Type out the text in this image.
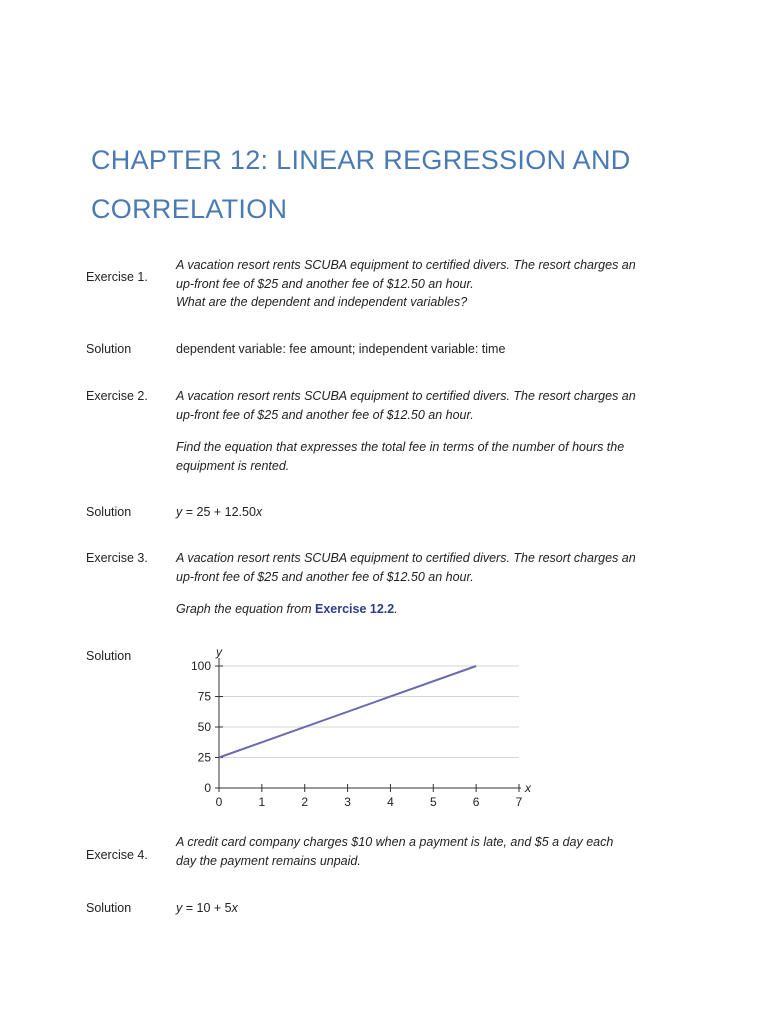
CHAPTER 12: LINEAR REGRESSION AND CORRELATION
Exercise 1.

A vacation resort rents SCUBA equipment to certified divers. The resort charges an

up-front fee of $25 and another fee of $12.50 an hour.

What are the dependent and independent variables?

Solution	dependent variable: fee amount; independent variable: time
Exercise 2. A vacation resort rents SCUBA equipment to certified divers. The resort charges an

up-front fee of $25 and another fee of $12.50 an hour.

Find the equation that expresses the total fee in terms of the number of hours the

equipment is rented.

Solution	y = 25 + 12.50x
Exercise 3. A vacation resort rents SCUBA equipment to certified divers. The resort charges an

up-front fee of $25 and another fee of $12.50 an hour.

Graph the equation from Exercise 12.2.

Solution
0
25
50
75
100
0	1	2	3	4	5	6	7
x
y

A credit card company charges $10 when a payment is late, and $5 a day each

day the payment remains unpaid.

Exercise 4.
Solution	y = 10 + 5x
